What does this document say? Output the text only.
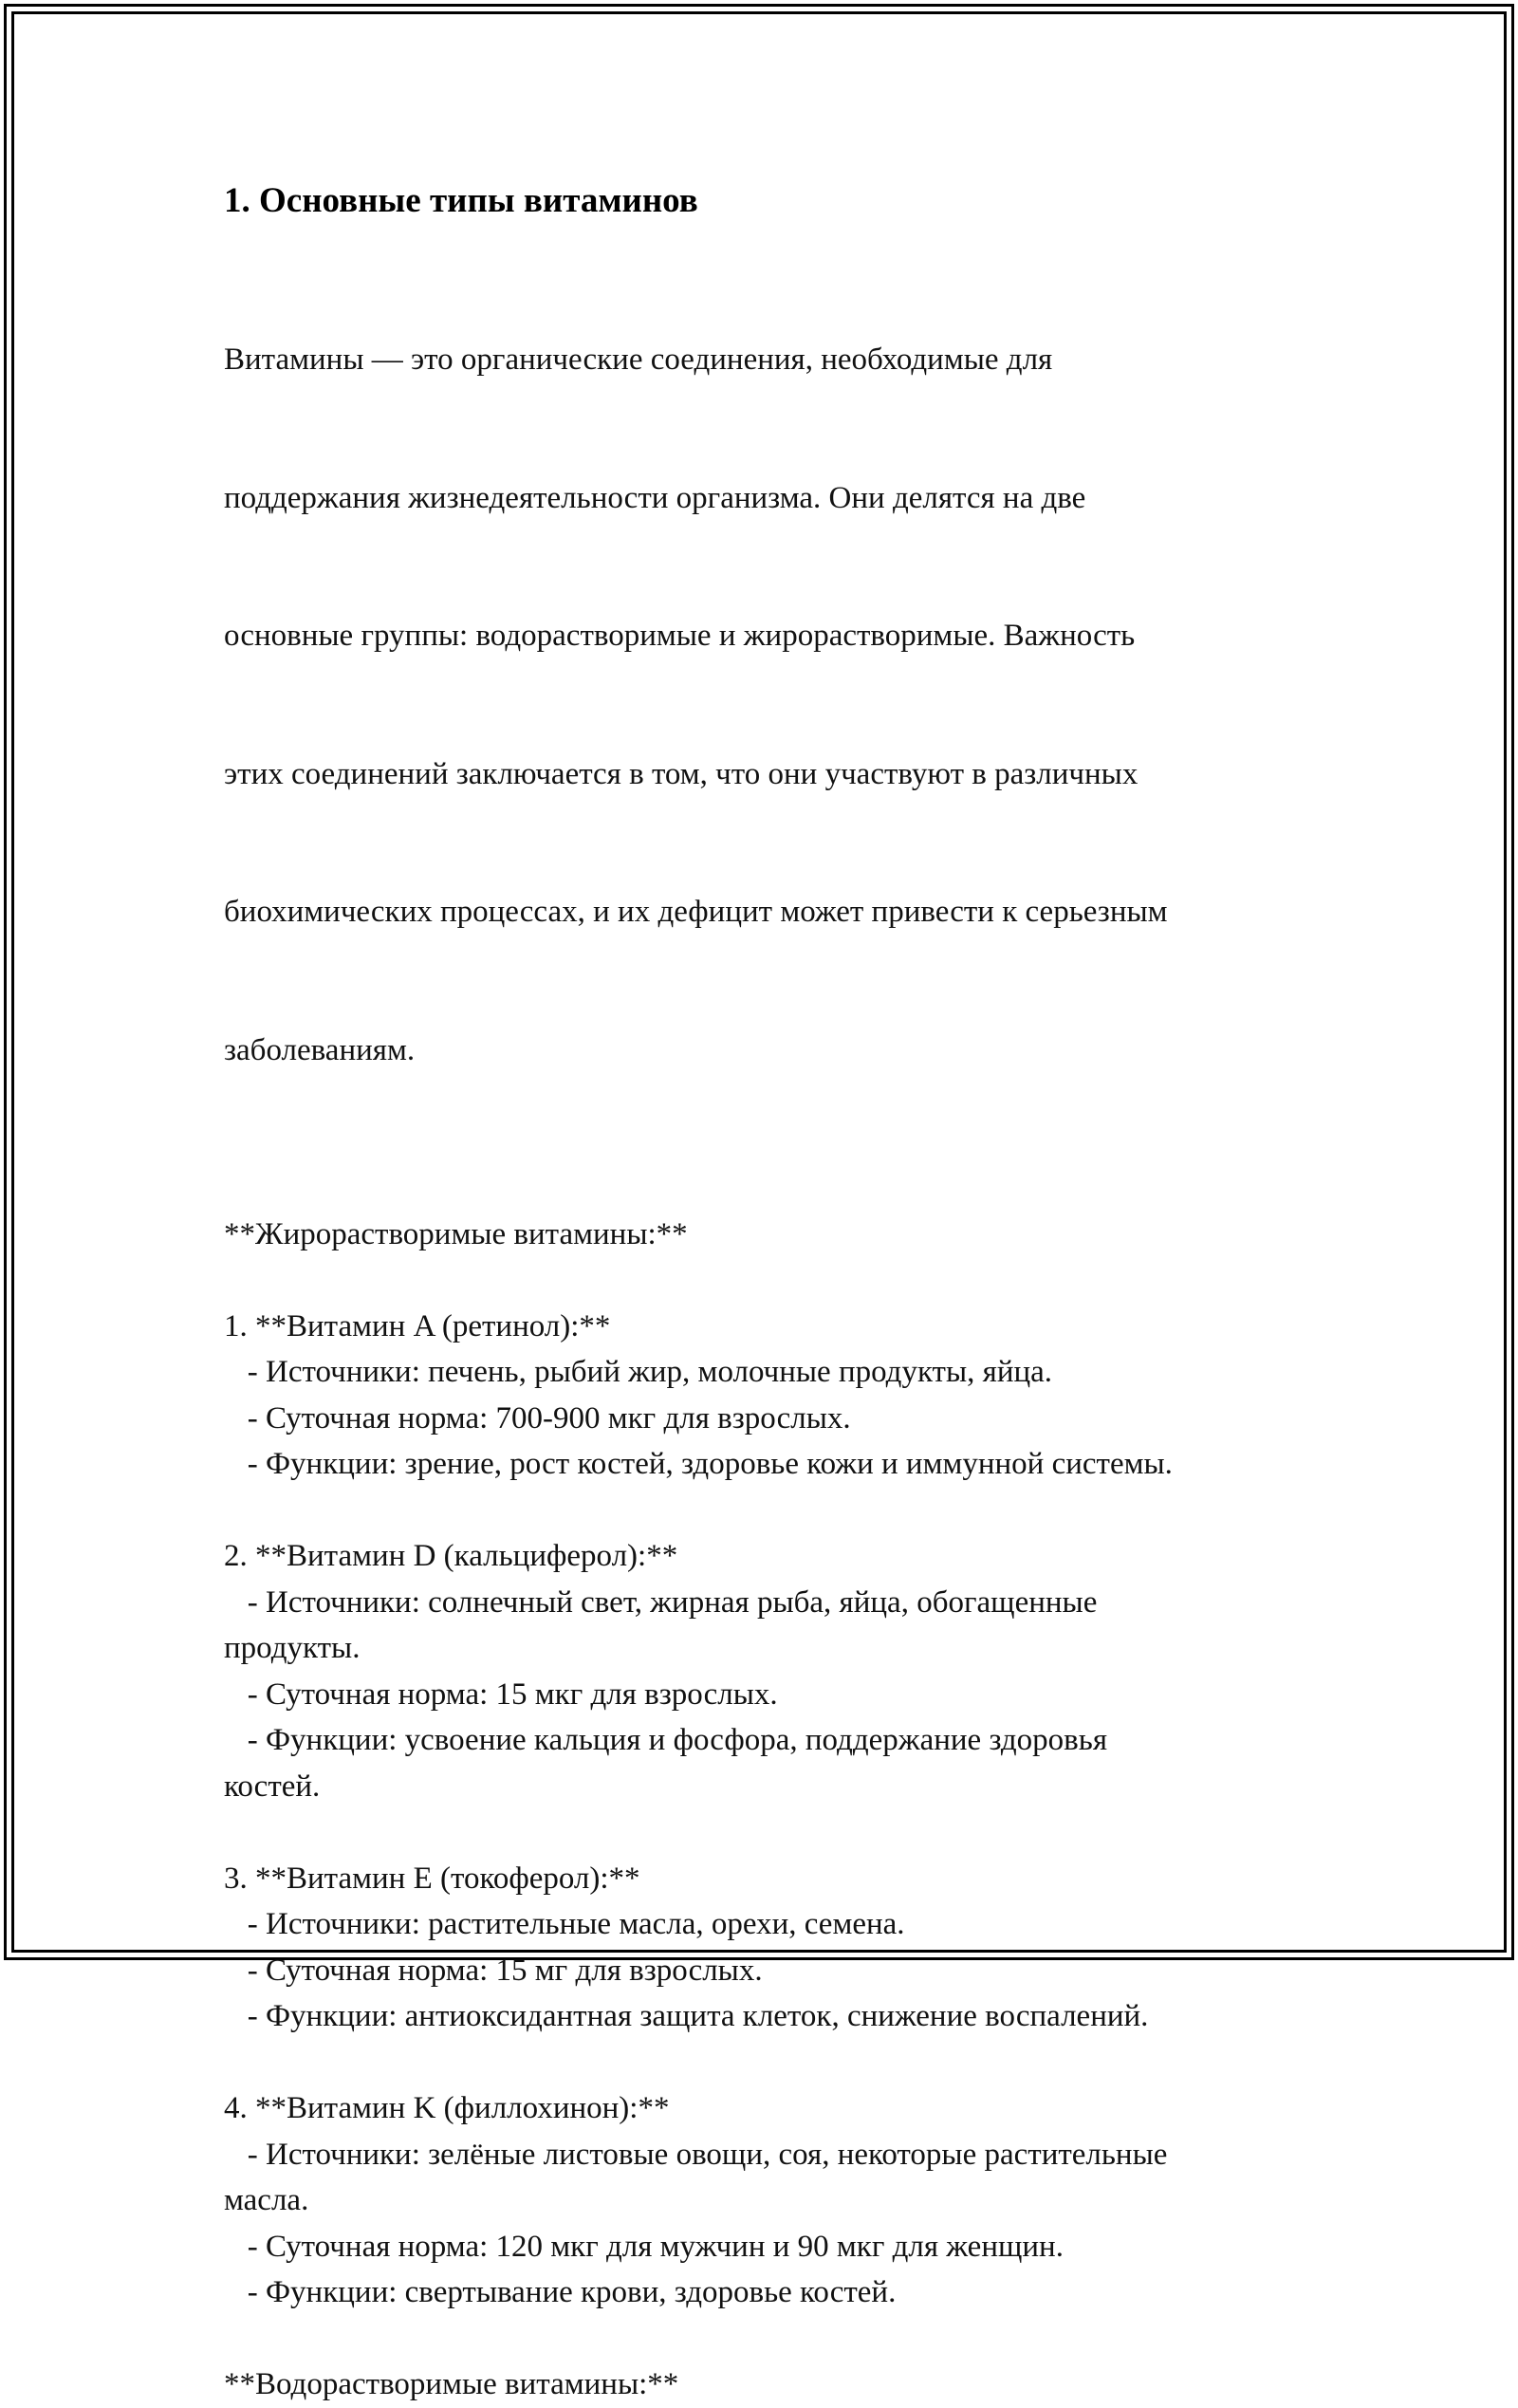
1. Основные типы витаминов

Витамины — это органические соединения, необходимые для

поддержания жизнедеятельности организма. Они делятся на две

основные группы: водорастворимые и жирорастворимые. Важность

этих соединений заключается в том, что они участвуют в различных

биохимических процессах, и их дефицит может привести к серьезным

заболеваниям.

**Жирорастворимые витамины:**
1. **Витамин A (ретинол):**
- Источники: печень, рыбий жир, молочные продукты, яйца.
- Суточная норма: 700-900 мкг для взрослых.
- Функции: зрение, рост костей, здоровье кожи и иммунной системы.
2. **Витамин D (кальциферол):**
- Источники: солнечный свет, жирная рыба, яйца, обогащенные
продукты.
- Суточная норма: 15 мкг для взрослых.
- Функции: усвоение кальция и фосфора, поддержание здоровья
костей.
3. **Витамин E (токоферол):**
- Источники: растительные масла, орехи, семена.
- Суточная норма: 15 мг для взрослых.
- Функции: антиоксидантная защита клеток, снижение воспалений.
4. **Витамин K (филлохинон):**
- Источники: зелёные листовые овощи, соя, некоторые растительные
масла.
- Суточная норма: 120 мкг для мужчин и 90 мкг для женщин.
- Функции: свертывание крови, здоровье костей.
**Водорастворимые витамины:**
